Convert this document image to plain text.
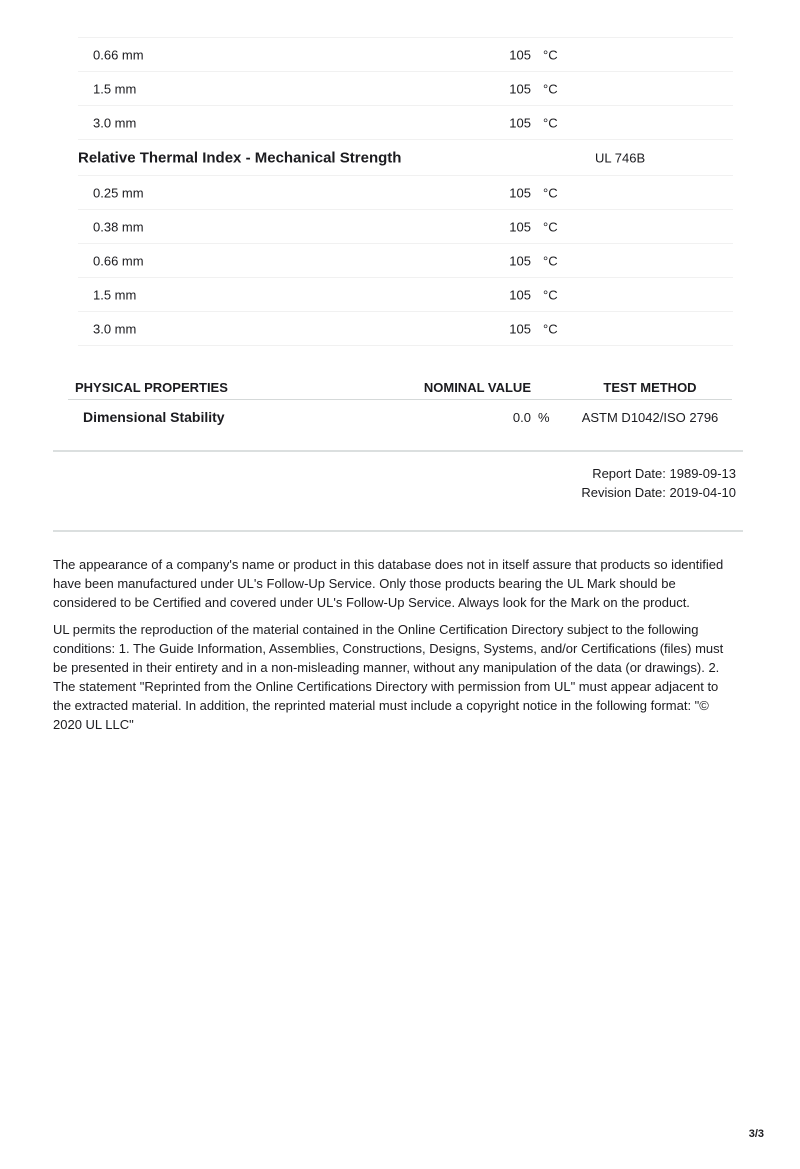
0.66 mm	105 °C
1.5 mm	105 °C
3.0 mm	105 °C
Relative Thermal Index - Mechanical Strength	UL 746B
0.25 mm	105 °C
0.38 mm	105 °C
0.66 mm	105 °C
1.5 mm	105 °C
3.0 mm	105 °C
PHYSICAL PROPERTIES	NOMINAL VALUE	TEST METHOD
Dimensional Stability	0.0 %	ASTM D1042/ISO 2796
Report Date: 1989-09-13
Revision Date: 2019-04-10

The appearance of a company's name or product in this database does not in itself assure that products so identified have been manufactured under UL's Follow-Up Service. Only those products bearing the UL Mark should be considered to be Certified and covered under UL's Follow-Up Service. Always look for the Mark on the product.

UL permits the reproduction of the material contained in the Online Certification Directory subject to the following conditions: 1. The Guide Information, Assemblies, Constructions, Designs, Systems, and/or Certifications (files) must be presented in their entirety and in a non-misleading manner, without any manipulation of the data (or drawings). 2. The statement "Reprinted from the Online Certifications Directory with permission from UL" must appear adjacent to the extracted material. In addition, the reprinted material must include a copyright notice in the following format: "© 2020 UL LLC"

3/3
